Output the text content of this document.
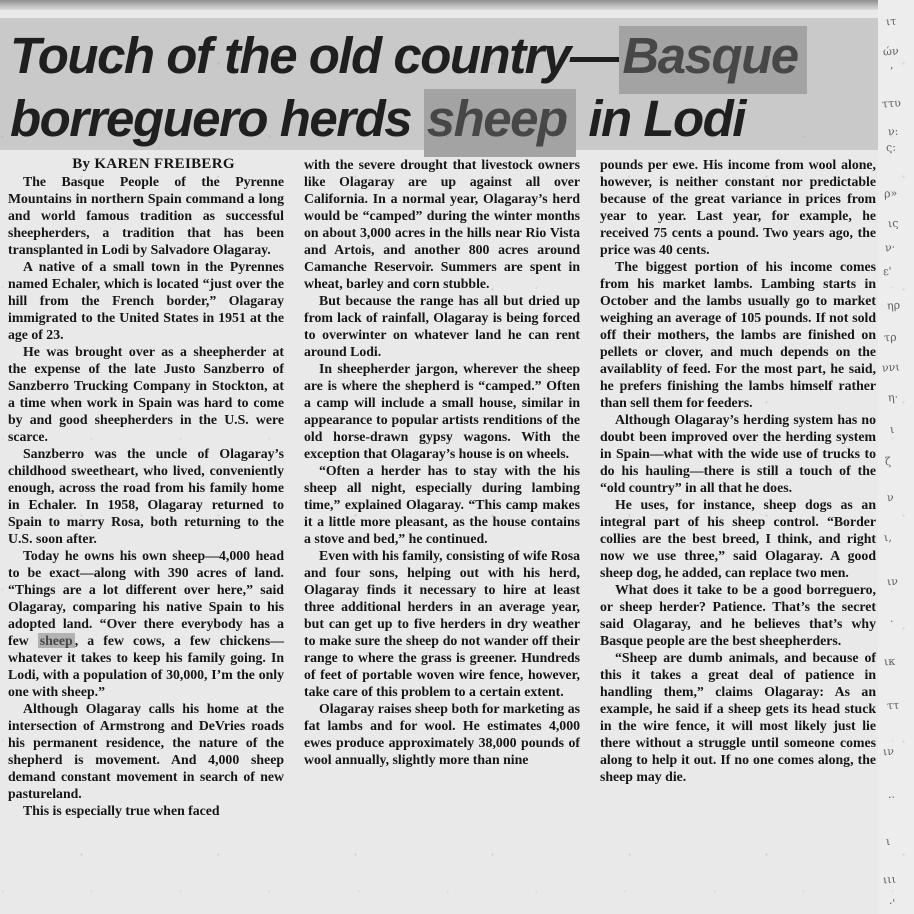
Touch of the old country—Basque
borreguero herds sheep in Lodi

By KAREN FREIBERG

The Basque People of the Pyrenne Mountains in northern Spain command a long and world famous tradition as successful sheepherders, a tradition that has been transplanted in Lodi by Salvadore Olagaray.

A native of a small town in the Pyrennes named Echaler, which is located “just over the hill from the French border,” Olagaray immigrated to the United States in 1951 at the age of 23.

He was brought over as a sheepherder at the expense of the late Justo Sanzberro of Sanzberro Trucking Company in Stockton, at a time when work in Spain was hard to come by and good sheepherders in the U.S. were scarce.

Sanzberro was the uncle of Olagaray’s childhood sweetheart, who lived, conveniently enough, across the road from his family home in Echaler. In 1958, Olagaray returned to Spain to marry Rosa, both returning to the U.S. soon after.

Today he owns his own sheep—4,000 head to be exact—along with 390 acres of land. “Things are a lot different over here,” said Olagaray, comparing his native Spain to his adopted land. “Over there everybody has a few sheep , a few cows, a few chickens—whatever it takes to keep his family going. In Lodi, with a population of 30,000, I’m the only one with sheep.”

Although Olagaray calls his home at the intersection of Armstrong and DeVries roads his permanent residence, the nature of the shepherd is movement. And 4,000 sheep demand constant movement in search of new pastureland.

This is especially true when faced

with the severe drought that livestock owners like Olagaray are up against all over California. In a normal year, Olagaray’s herd would be “camped” during the winter months on about 3,000 acres in the hills near Rio Vista and Artois, and another 800 acres around Camanche Reservoir. Summers are spent in wheat, barley and corn stubble.

But because the range has all but dried up from lack of rainfall, Olagaray is being forced to overwinter on whatever land he can rent around Lodi.

In sheepherder jargon, wherever the sheep are is where the shepherd is “camped.” Often a camp will include a small house, similar in appearance to popular artists renditions of the old horse-drawn gypsy wagons. With the exception that Olagaray’s house is on wheels.

“Often a herder has to stay with the his sheep all night, especially during lambing time,” explained Olagaray. “This camp makes it a little more pleasant, as the house contains a stove and bed,” he continued.

Even with his family, consisting of wife Rosa and four sons, helping out with his herd, Olagaray finds it necessary to hire at least three additional herders in an average year, but can get up to five herders in dry weather to make sure the sheep do not wander off their range to where the grass is greener. Hundreds of feet of portable woven wire fence, however, take care of this problem to a certain extent.

Olagaray raises sheep both for marketing as fat lambs and for wool. He estimates 4,000 ewes produce approximately 38,000 pounds of wool annually, slightly more than nine

pounds per ewe. His income from wool alone, however, is neither constant nor predictable because of the great variance in prices from year to year. Last year, for example, he received 75 cents a pound. Two years ago, the price was 40 cents.

The biggest portion of his income comes from his market lambs. Lambing starts in October and the lambs usually go to market weighing an average of 105 pounds. If not sold off their mothers, the lambs are finished on pellets or clover, and much depends on the availablity of feed. For the most part, he said, he prefers finishing the lambs himself rather than sell them for feeders.

Although Olagaray’s herding system has no doubt been improved over the herding system in Spain—what with the wide use of trucks to do his hauling—there is still a touch of the “old country” in all that he does.

He uses, for instance, sheep dogs as an integral part of his sheep control. “Border collies are the best breed, I think, and right now we use three,” said Olagaray. A good sheep dog, he added, can replace two men.

What does it take to be a good borreguero, or sheep herder? Patience. That’s the secret said Olagaray, and he believes that’s why Basque people are the best sheepherders.

“Sheep are dumb animals, and because of this it takes a great deal of patience in handling them,” claims Olagaray: As an example, he said if a sheep gets its head stuck in the wire fence, it will most likely just lie there without a struggle until someone comes along to help it out. If no one comes along, the sheep may die.

ιτ
ών
’
ττυ
ν:
ς:
ρ»
ις
ν·
ε'
ηρ
τρ
ννι
η·
ι
ζ
ν
ι,
ιν
·
ικ
ττ
ιν
··
ι
ιιι
·'
